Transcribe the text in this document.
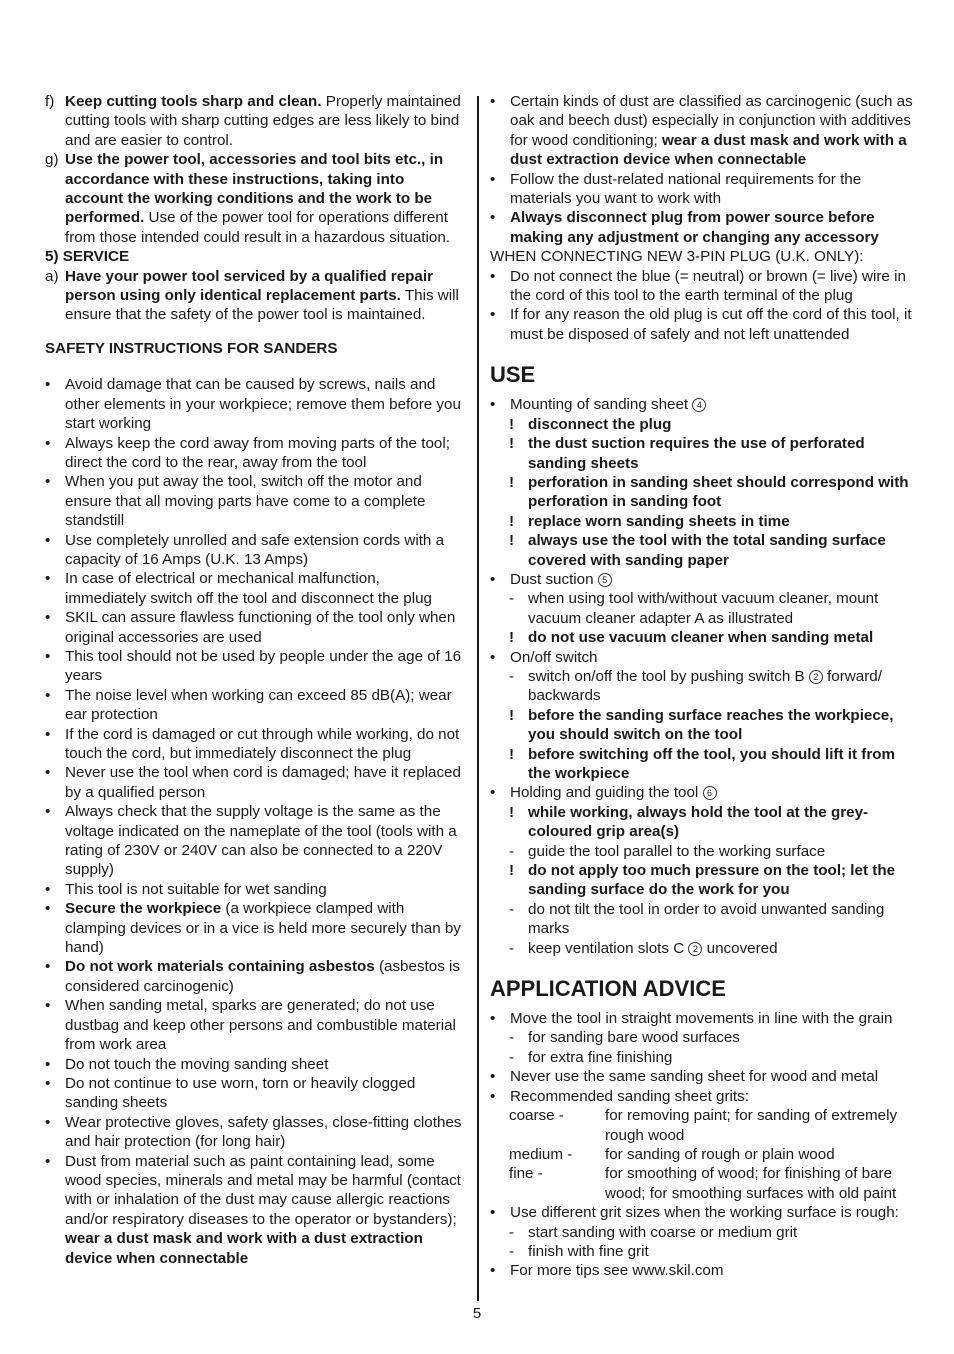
f) Keep cutting tools sharp and clean. Properly maintained cutting tools with sharp cutting edges are less likely to bind and are easier to control.
g) Use the power tool, accessories and tool bits etc., in accordance with these instructions, taking into account the working conditions and the work to be performed. Use of the power tool for operations different from those intended could result in a hazardous situation.
5) SERVICE
a) Have your power tool serviced by a qualified repair person using only identical replacement parts. This will ensure that the safety of the power tool is maintained.
SAFETY INSTRUCTIONS FOR SANDERS
• Avoid damage that can be caused by screws, nails and other elements in your workpiece; remove them before you start working
• Always keep the cord away from moving parts of the tool; direct the cord to the rear, away from the tool
• When you put away the tool, switch off the motor and ensure that all moving parts have come to a complete standstill
• Use completely unrolled and safe extension cords with a capacity of 16 Amps (U.K. 13 Amps)
• In case of electrical or mechanical malfunction, immediately switch off the tool and disconnect the plug
• SKIL can assure flawless functioning of the tool only when original accessories are used
• This tool should not be used by people under the age of 16 years
• The noise level when working can exceed 85 dB(A); wear ear protection
• If the cord is damaged or cut through while working, do not touch the cord, but immediately disconnect the plug
• Never use the tool when cord is damaged; have it replaced by a qualified person
• Always check that the supply voltage is the same as the voltage indicated on the nameplate of the tool (tools with a rating of 230V or 240V can also be connected to a 220V supply)
• This tool is not suitable for wet sanding
• Secure the workpiece (a workpiece clamped with clamping devices or in a vice is held more securely than by hand)
• Do not work materials containing asbestos (asbestos is considered carcinogenic)
• When sanding metal, sparks are generated; do not use dustbag and keep other persons and combustible material from work area
• Do not touch the moving sanding sheet
• Do not continue to use worn, torn or heavily clogged sanding sheets
• Wear protective gloves, safety glasses, close-fitting clothes and hair protection (for long hair)
• Dust from material such as paint containing lead, some wood species, minerals and metal may be harmful (contact with or inhalation of the dust may cause allergic reactions and/or respiratory diseases to the operator or bystanders); wear a dust mask and work with a dust extraction device when connectable
• Certain kinds of dust are classified as carcinogenic (such as oak and beech dust) especially in conjunction with additives for wood conditioning; wear a dust mask and work with a dust extraction device when connectable
• Follow the dust-related national requirements for the materials you want to work with
• Always disconnect plug from power source before making any adjustment or changing any accessory
WHEN CONNECTING NEW 3-PIN PLUG (U.K. ONLY):
• Do not connect the blue (= neutral) or brown (= live) wire in the cord of this tool to the earth terminal of the plug
• If for any reason the old plug is cut off the cord of this tool, it must be disposed of safely and not left unattended
USE
• Mounting of sanding sheet 4
! disconnect the plug
! the dust suction requires the use of perforated sanding sheets
! perforation in sanding sheet should correspond with perforation in sanding foot
! replace worn sanding sheets in time
! always use the tool with the total sanding surface covered with sanding paper
• Dust suction 5
- when using tool with/without vacuum cleaner, mount vacuum cleaner adapter A as illustrated
! do not use vacuum cleaner when sanding metal
• On/off switch
- switch on/off the tool by pushing switch B 2 forward/ backwards
! before the sanding surface reaches the workpiece, you should switch on the tool
! before switching off the tool, you should lift it from the workpiece
• Holding and guiding the tool 6
! while working, always hold the tool at the grey-coloured grip area(s)
- guide the tool parallel to the working surface
! do not apply too much pressure on the tool; let the sanding surface do the work for you
- do not tilt the tool in order to avoid unwanted sanding marks
- keep ventilation slots C 2 uncovered
APPLICATION ADVICE
• Move the tool in straight movements in line with the grain
- for sanding bare wood surfaces
- for extra fine finishing
• Never use the same sanding sheet for wood and metal
• Recommended sanding sheet grits:
coarse -	for removing paint; for sanding of extremely rough wood
medium - for sanding of rough or plain wood
fine -	for smoothing of wood; for finishing of bare wood; for smoothing surfaces with old paint
• Use different grit sizes when the working surface is rough:
- start sanding with coarse or medium grit
- finish with fine grit
• For more tips see www.skil.com
5
